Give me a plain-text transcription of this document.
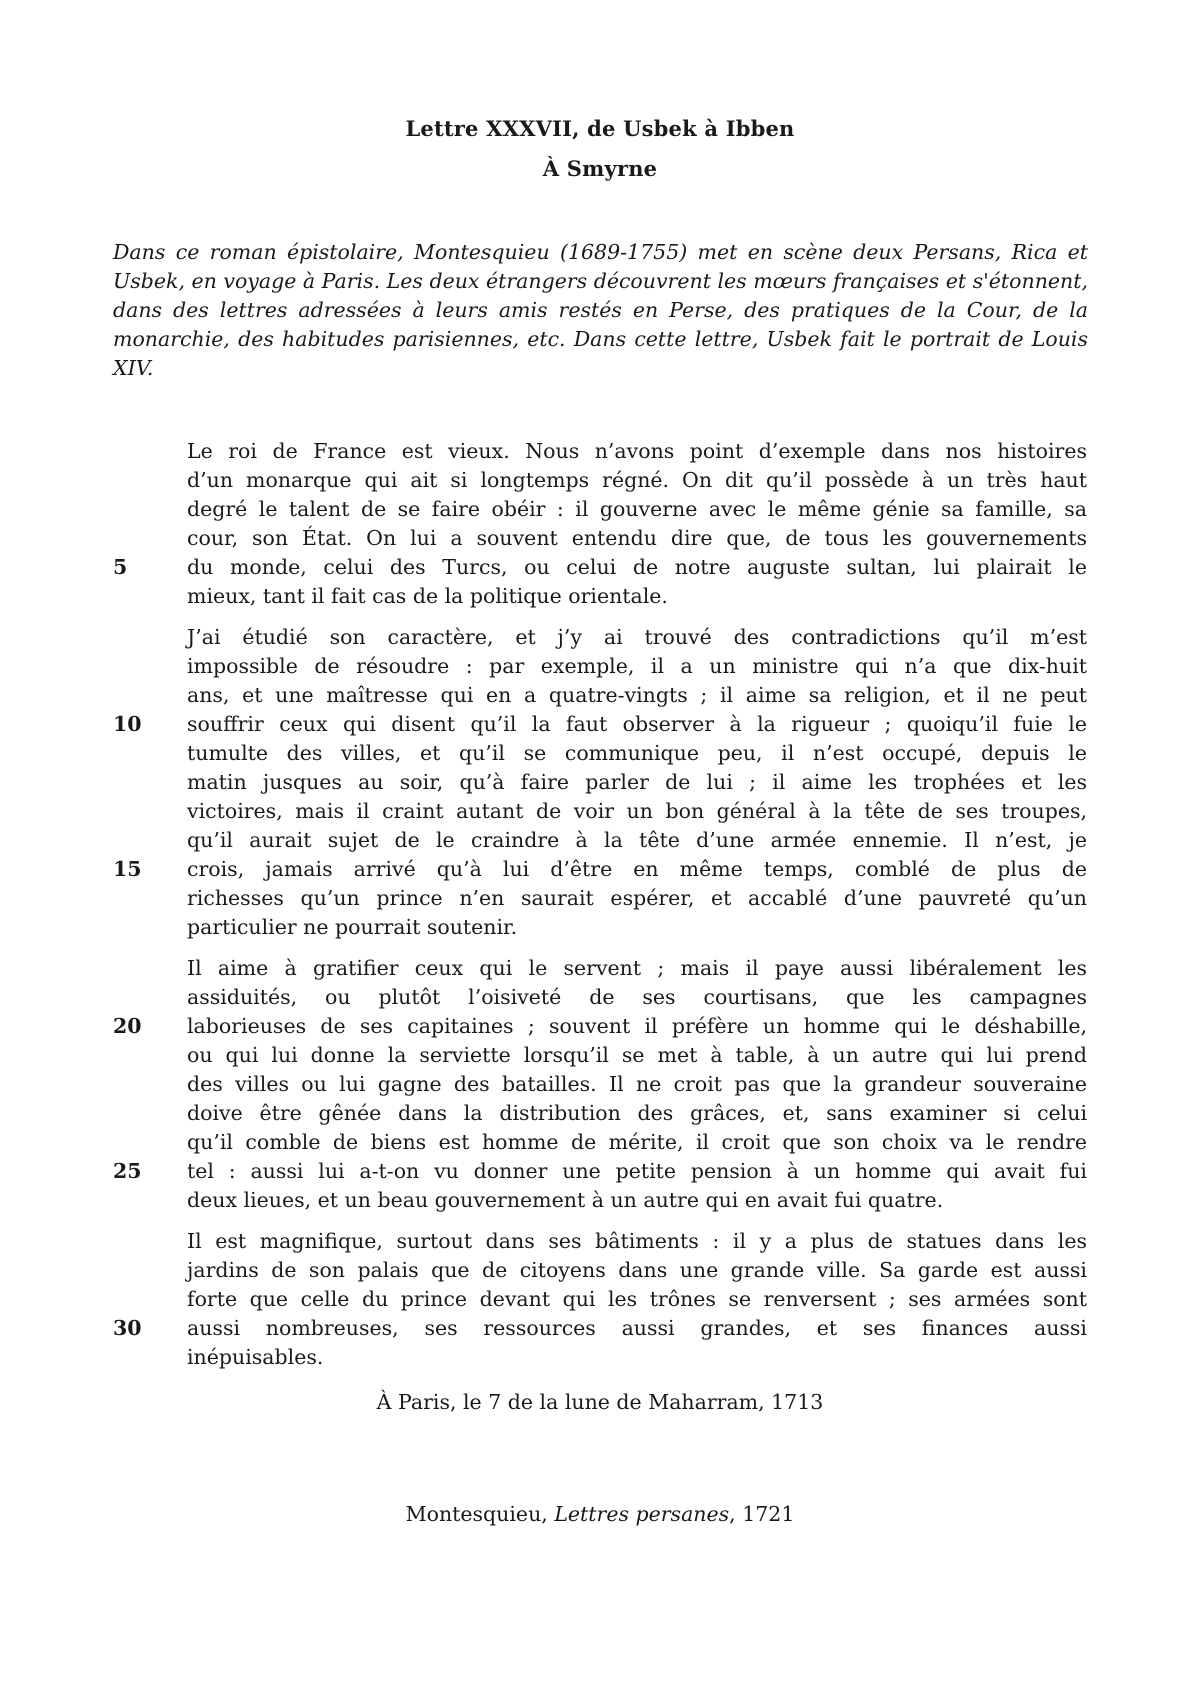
Lettre XXXVII, de Usbek à Ibben
À Smyrne
Dans ce roman épistolaire, Montesquieu (1689-1755) met en scène deux Persans, Rica et Usbek, en voyage à Paris. Les deux étrangers découvrent les mœurs françaises et s'étonnent, dans des lettres adressées à leurs amis restés en Perse, des pratiques de la Cour, de la monarchie, des habitudes parisiennes, etc. Dans cette lettre, Usbek fait le portrait de Louis XIV.
Le roi de France est vieux. Nous n’avons point d’exemple dans nos histoires
d’un monarque qui ait si longtemps régné. On dit qu’il possède à un très haut
degré le talent de se faire obéir : il gouverne avec le même génie sa famille, sa
cour, son État. On lui a souvent entendu dire que, de tous les gouvernements
du monde, celui des Turcs, ou celui de notre auguste sultan, lui plairait le
5
mieux, tant il fait cas de la politique orientale.
J’ai étudié son caractère, et j’y ai trouvé des contradictions qu’il m’est
impossible de résoudre : par exemple, il a un ministre qui n’a que dix-huit
ans, et une maîtresse qui en a quatre-vingts ; il aime sa religion, et il ne peut
souffrir ceux qui disent qu’il la faut observer à la rigueur ; quoiqu’il fuie le
10
tumulte des villes, et qu’il se communique peu, il n’est occupé, depuis le
matin jusques au soir, qu’à faire parler de lui ; il aime les trophées et les
victoires, mais il craint autant de voir un bon général à la tête de ses troupes,
qu’il aurait sujet de le craindre à la tête d’une armée ennemie. Il n’est, je
crois, jamais arrivé qu’à lui d’être en même temps, comblé de plus de
15
richesses qu’un prince n’en saurait espérer, et accablé d’une pauvreté qu’un
particulier ne pourrait soutenir.
Il aime à gratifier ceux qui le servent ; mais il paye aussi libéralement les
assiduités, ou plutôt l’oisiveté de ses courtisans, que les campagnes
laborieuses de ses capitaines ; souvent il préfère un homme qui le déshabille,
20
ou qui lui donne la serviette lorsqu’il se met à table, à un autre qui lui prend
des villes ou lui gagne des batailles. Il ne croit pas que la grandeur souveraine
doive être gênée dans la distribution des grâces, et, sans examiner si celui
qu’il comble de biens est homme de mérite, il croit que son choix va le rendre
tel : aussi lui a-t-on vu donner une petite pension à un homme qui avait fui
25
deux lieues, et un beau gouvernement à un autre qui en avait fui quatre.
Il est magnifique, surtout dans ses bâtiments : il y a plus de statues dans les
jardins de son palais que de citoyens dans une grande ville. Sa garde est aussi
forte que celle du prince devant qui les trônes se renversent ; ses armées sont
aussi nombreuses, ses ressources aussi grandes, et ses finances aussi
30
inépuisables.
À Paris, le 7 de la lune de Maharram, 1713
Montesquieu, Lettres persanes, 1721
